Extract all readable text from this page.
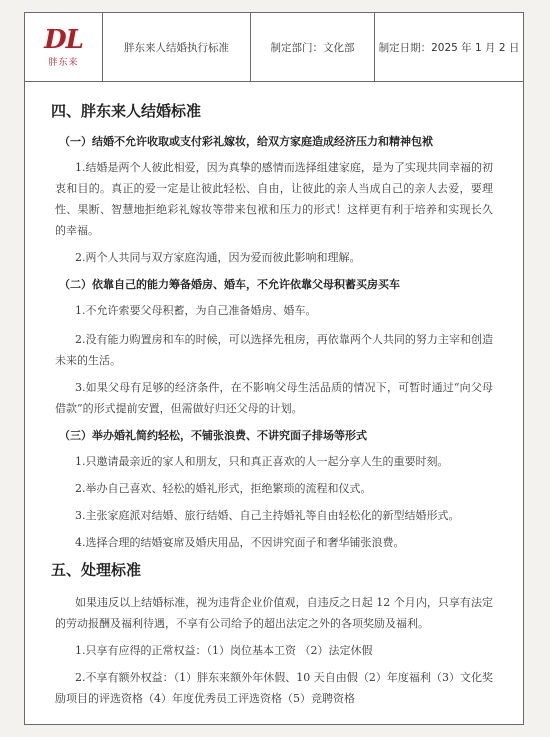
DL
胖东来
胖东来人结婚执行标准	制定部门：文化部	制定日期：2025 年 1 月 2 日
四、胖东来人结婚标准
（一）结婚不允许收取或支付彩礼嫁妆，给双方家庭造成经济压力和精神包袱

1.结婚是两个人彼此相爱，因为真挚的感情而选择组建家庭，是为了实现共同幸福的初衷和目的。真正的爱一定是让彼此轻松、自由，让彼此的亲人当成自己的亲人去爱，要理性、果断、智慧地拒绝彩礼嫁妆等带来包袱和压力的形式！这样更有利于培养和实现长久的幸福。

2.两个人共同与双方家庭沟通，因为爱而彼此影响和理解。

（二）依靠自己的能力筹备婚房、婚车，不允许依靠父母积蓄买房买车

1.不允许索要父母积蓄，为自己准备婚房、婚车。

2.没有能力购置房和车的时候，可以选择先租房，再依靠两个人共同的努力主宰和创造未来的生活。

3.如果父母有足够的经济条件，在不影响父母生活品质的情况下，可暂时通过“向父母借款”的形式提前安置，但需做好归还父母的计划。

（三）举办婚礼简约轻松，不铺张浪费、不讲究面子排场等形式

1.只邀请最亲近的家人和朋友，只和真正喜欢的人一起分享人生的重要时刻。

2.举办自己喜欢、轻松的婚礼形式，拒绝繁琐的流程和仪式。

3.主张家庭派对结婚、旅行结婚、自己主持婚礼等自由轻松化的新型结婚形式。

4.选择合理的结婚宴席及婚庆用品，不因讲究面子和奢华铺张浪费。

五、处理标准

如果违反以上结婚标准，视为违背企业价值观，自违反之日起 12 个月内，只享有法定的劳动报酬及福利待遇，不享有公司给予的超出法定之外的各项奖励及福利。

1.只享有应得的正常权益：（1）岗位基本工资 （2）法定休假

2.不享有额外权益：（1）胖东来额外年休假、10 天自由假（2）年度福利（3）文化奖励项目的评选资格（4）年度优秀员工评选资格（5）竞聘资格
